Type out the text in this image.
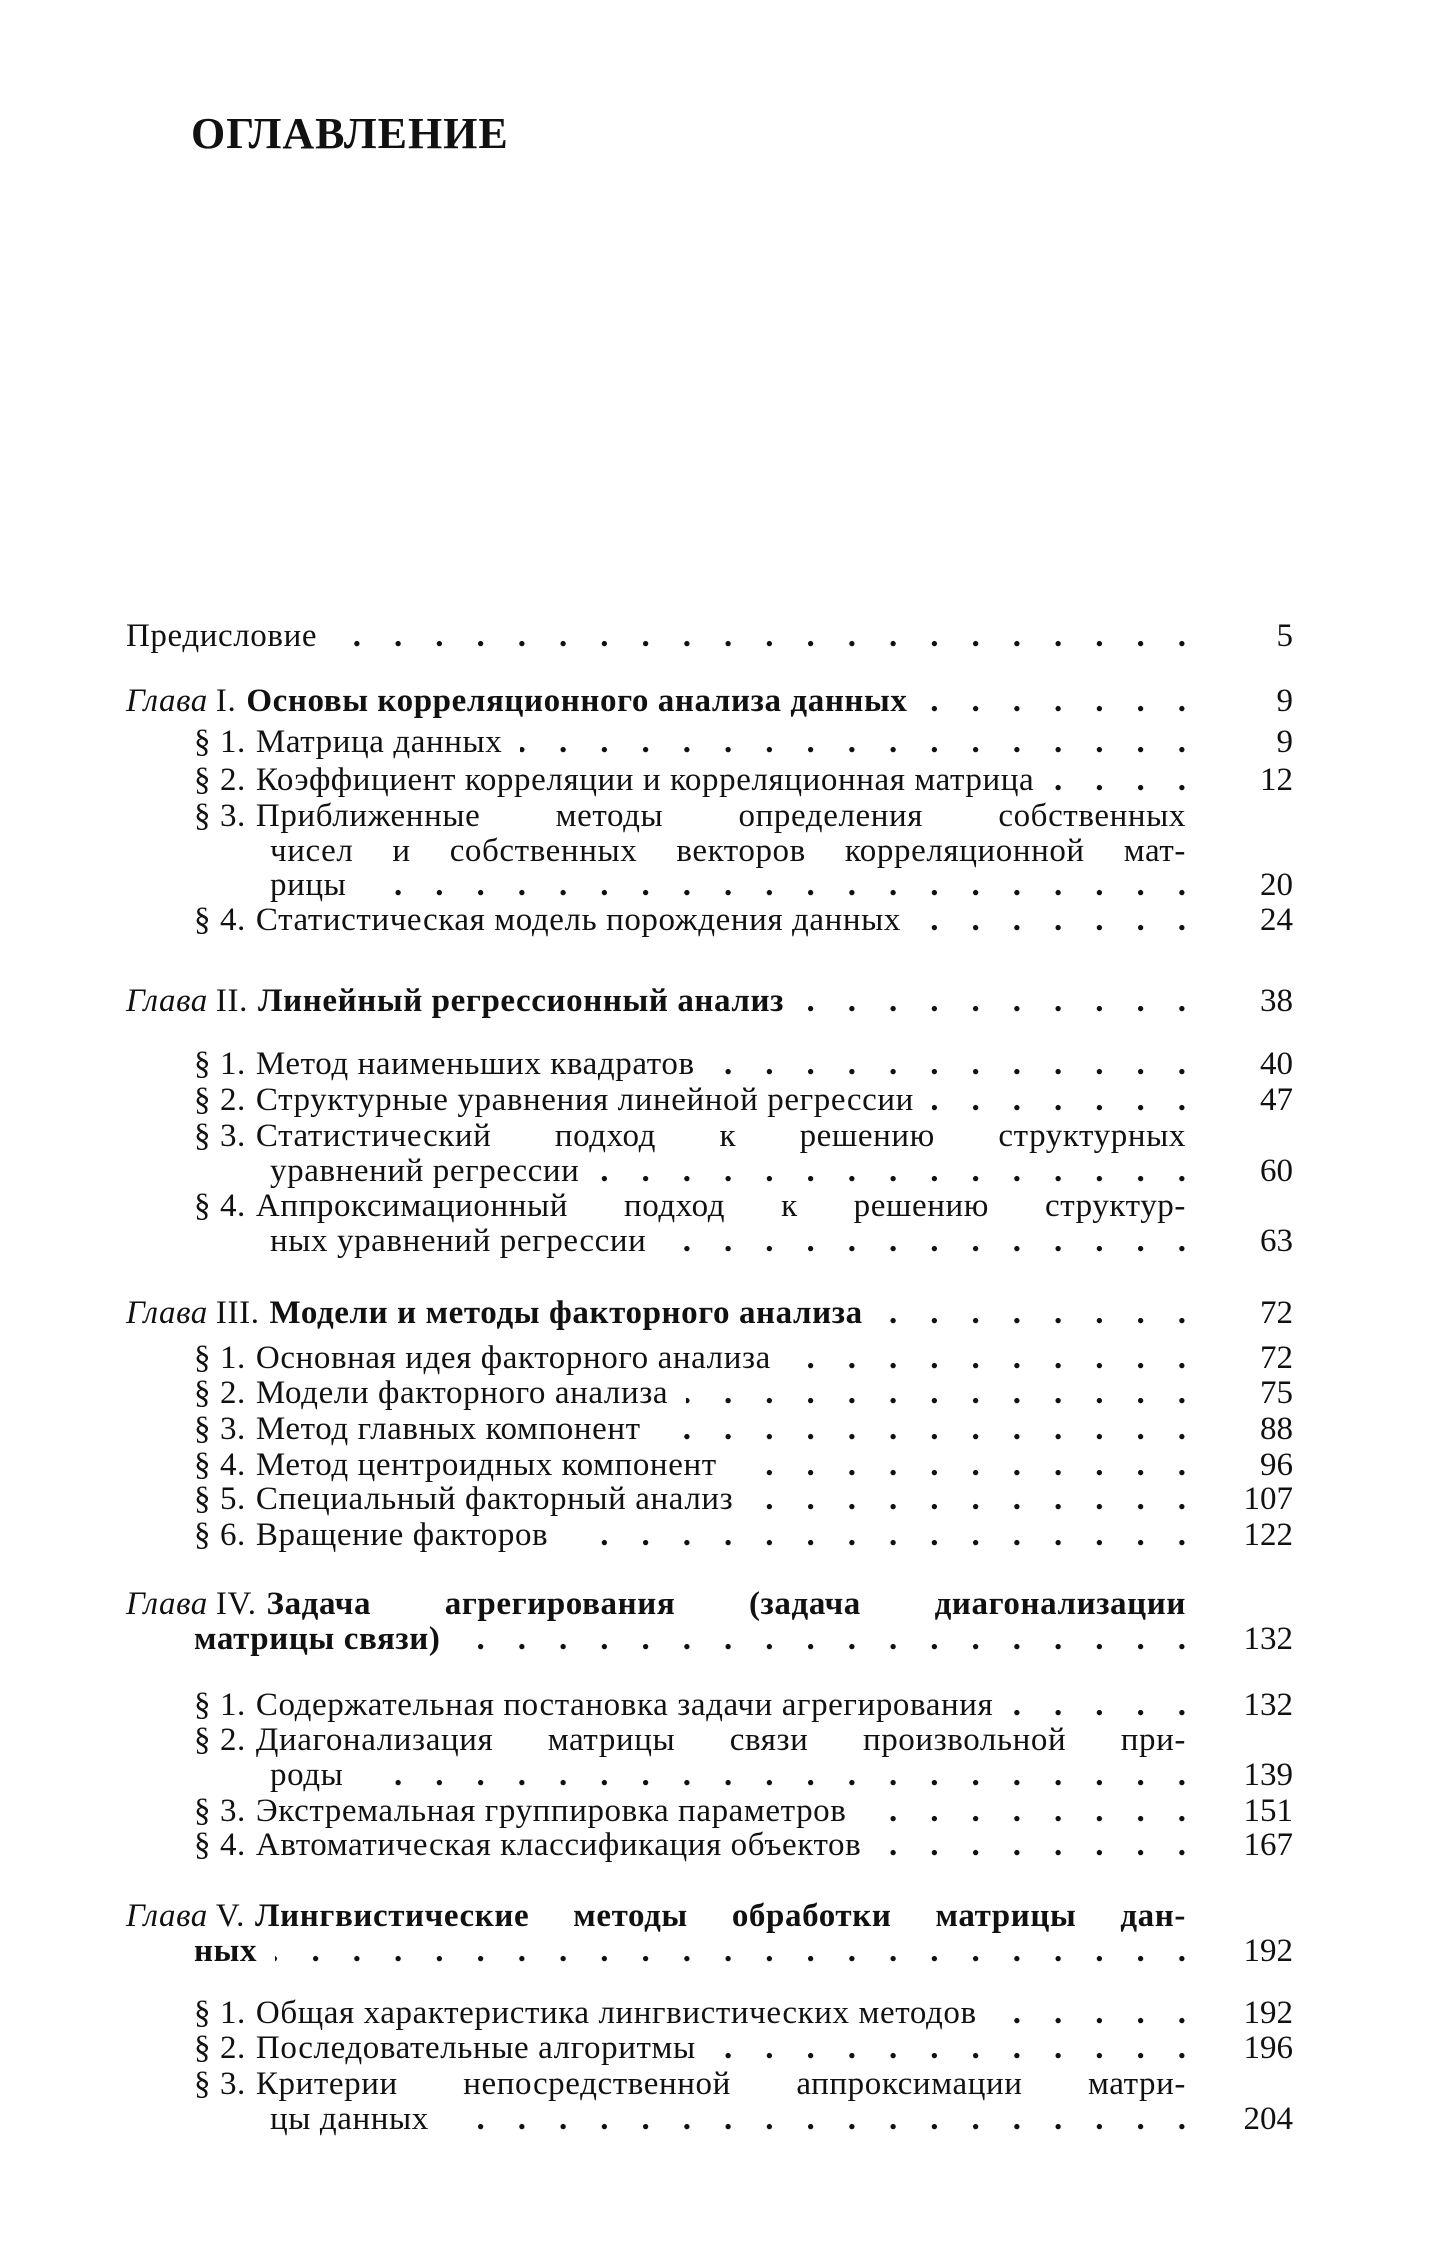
ОГЛАВЛЕНИЕ
Предисловие .	5
Глава I. Основы корреляционного анализа данных .	9
§ 1. Матрица данных .	9
§ 2. Коэффициент корреляции и корреляционная матрица .	12
§ 3. Приближенные методы определения собственных
чисел и собственных векторов корреляционной мат-
рицы .	20
§ 4. Статистическая модель порождения данных .	24
Глава II. Линейный регрессионный анализ .	38
§ 1. Метод наименьших квадратов .	40
§ 2. Структурные уравнения линейной регрессии .	47
§ 3. Статистический подход к решению структурных
уравнений регрессии .	60
§ 4. Аппроксимационный подход к решению структур-
ных уравнений регрессии .	63
Глава III. Модели и методы факторного анализа .	72
§ 1. Основная идея факторного анализа .	72
§ 2. Модели факторного анализа .	75
§ 3. Метод главных компонент .	88
§ 4. Метод центроидных компонент .	96
§ 5. Специальный факторный анализ .	107
§ 6. Вращение факторов .	122
Глава IV. Задача агрегирования (задача диагонализации
матрицы связи) .	132
§ 1. Содержательная постановка задачи агрегирования .	132
§ 2. Диагонализация матрицы связи произвольной при-
роды .	139
§ 3. Экстремальная группировка параметров .	151
§ 4. Автоматическая классификация объектов .	167
Глава V. Лингвистические методы обработки матрицы дан-
ных .	192
§ 1. Общая характеристика лингвистических методов .	192
§ 2. Последовательные алгоритмы .	196
§ 3. Критерии непосредственной аппроксимации матри-
цы данных .	204
